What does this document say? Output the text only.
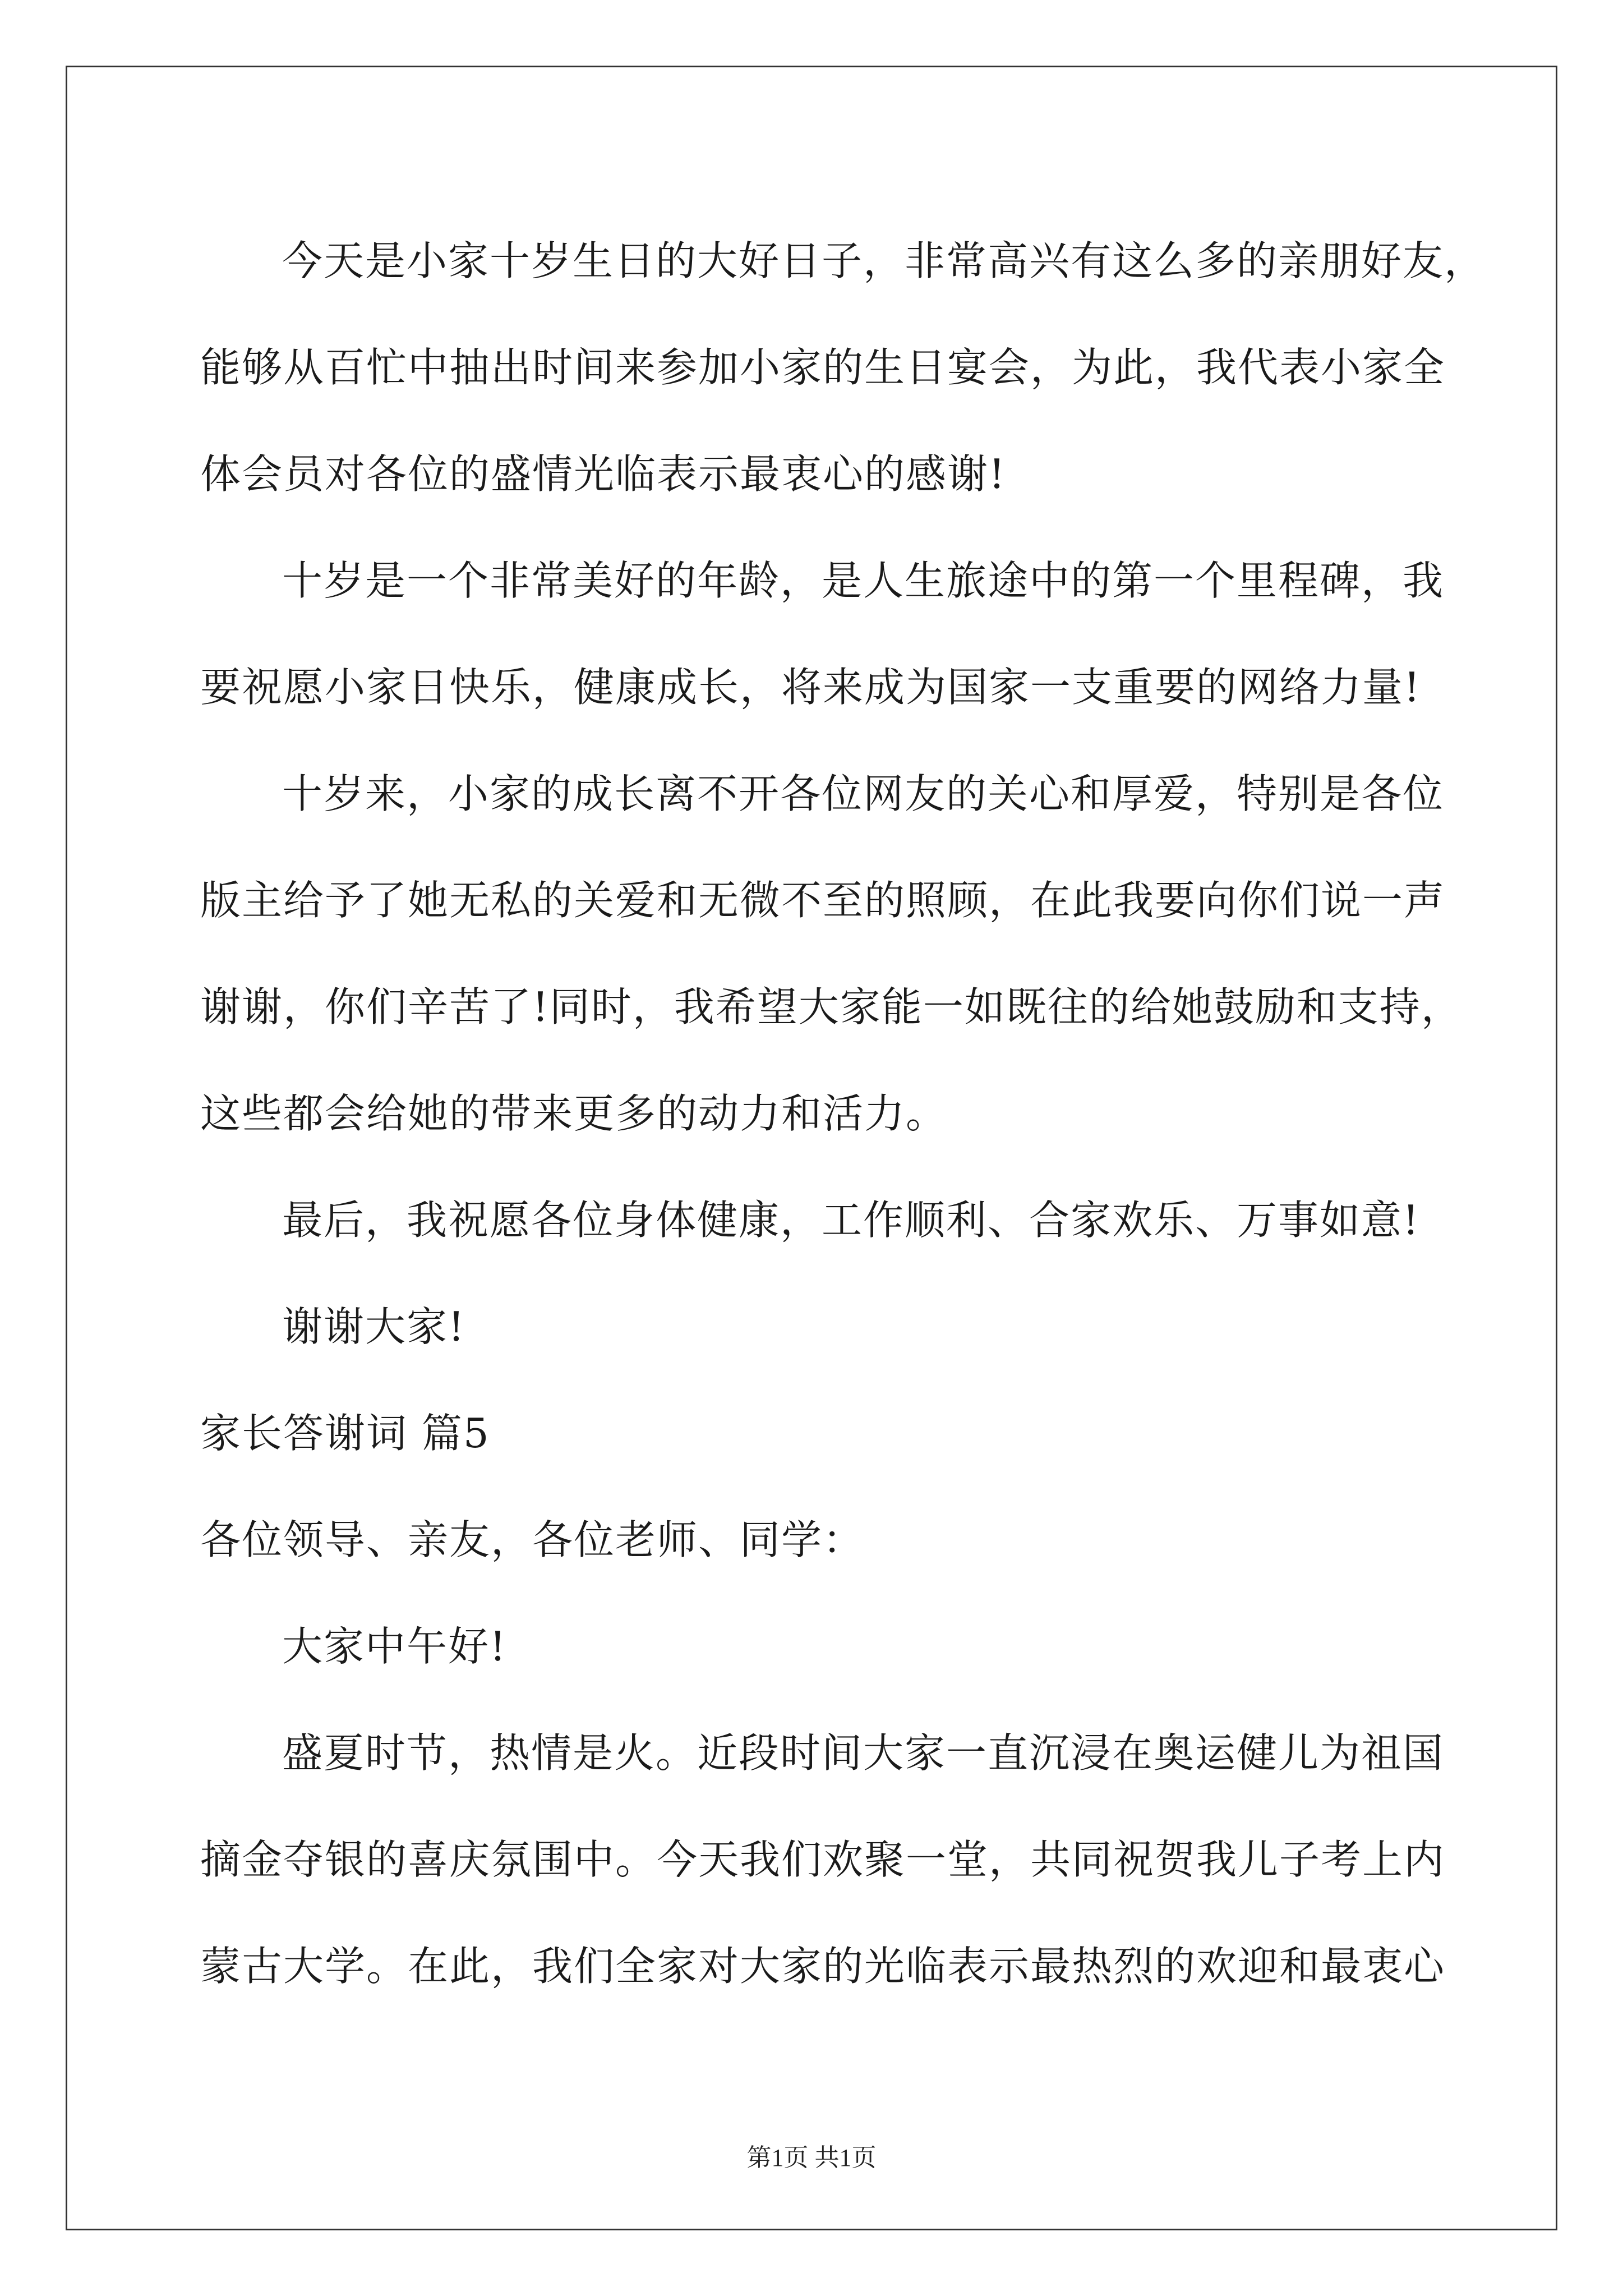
今天是小家十岁生日的大好日子，非常高兴有这么多的亲朋好友，
能够从百忙中抽出时间来参加小家的生日宴会，为此，我代表小家全
体会员对各位的盛情光临表示最衷心的感谢!
十岁是一个非常美好的年龄，是人生旅途中的第一个里程碑，我
要祝愿小家日快乐，健康成长，将来成为国家一支重要的网络力量!
十岁来，小家的成长离不开各位网友的关心和厚爱，特别是各位
版主给予了她无私的关爱和无微不至的照顾，在此我要向你们说一声
谢谢，你们辛苦了!同时，我希望大家能一如既往的给她鼓励和支持，
这些都会给她的带来更多的动力和活力。
最后，我祝愿各位身体健康，工作顺利、合家欢乐、万事如意!
谢谢大家!
家长答谢词 篇5
各位领导、亲友，各位老师、同学：
大家中午好!
盛夏时节，热情是火。近段时间大家一直沉浸在奥运健儿为祖国
摘金夺银的喜庆氛围中。今天我们欢聚一堂，共同祝贺我儿子考上内
蒙古大学。在此，我们全家对大家的光临表示最热烈的欢迎和最衷心
第1页 共1页
